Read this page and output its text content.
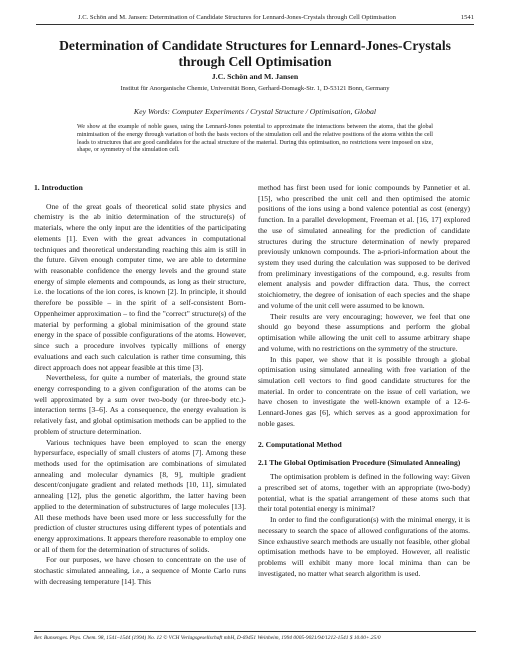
J.C. Schön and M. Jansen: Determination of Candidate Structures for Lennard-Jones-Crystals through Cell Optimisation	1541
Determination of Candidate Structures for Lennard-Jones-Crystals through Cell Optimisation
J.C. Schön and M. Jansen
Institut für Anorganische Chemie, Universität Bonn, Gerhard-Domagk-Str. 1, D-53121 Bonn, Germany
Key Words: Computer Experiments / Crystal Structure / Optimisation, Global
We show at the example of noble gases, using the Lennard-Jones potential to approximate the interactions between the atoms, that the global minimisation of the energy through variation of both the basis vectors of the simulation cell and the relative positions of the atoms within the cell leads to structures that are good candidates for the actual structure of the material. During this optimisation, no restrictions were imposed on size, shape, or symmetry of the simulation cell.
1. Introduction

One of the great goals of theoretical solid state physics and chemistry is the ab initio determination of the structure(s) of materials, where the only input are the identities of the participating elements [1]. Even with the great advances in computational techniques and theoretical understanding reaching this aim is still in the future. Given enough computer time, we are able to determine with reasonable confidence the energy levels and the ground state energy of simple elements and compounds, as long as their structure, i.e. the locations of the ion cores, is known [2]. In principle, it should therefore be possible – in the spirit of a self-consistent Born-Oppenheimer approximation – to find the "correct" structure(s) of the material by performing a global minimisation of the ground state energy in the space of possible configurations of the atoms. However, since such a procedure involves typically millions of energy evaluations and each such calculation is rather time consuming, this direct approach does not appear feasible at this time [3].

Nevertheless, for quite a number of materials, the ground state energy corresponding to a given configuration of the atoms can be well approximated by a sum over two-body (or three-body etc.)-interaction terms [3–6]. As a consequence, the energy evaluation is relatively fast, and global optimisation methods can be applied to the problem of structure determination.

Various techniques have been employed to scan the energy hypersurface, especially of small clusters of atoms [7]. Among these methods used for the optimisation are combinations of simulated annealing and molecular dynamics [8, 9], multiple gradient descent/conjugate gradient and related methods [10, 11], simulated annealing [12], plus the genetic algorithm, the latter having been applied to the determination of substructures of large molecules [13]. All these methods have been used more or less successfully for the prediction of cluster structures using different types of potentials and energy approximations. It appears therefore reasonable to employ one or all of them for the determination of structures of solids.

For our purposes, we have chosen to concentrate on the use of stochastic simulated annealing, i.e., a sequence of Monte Carlo runs with decreasing temperature [14]. This

method has first been used for ionic compounds by Pannetier et al. [15], who prescribed the unit cell and then optimised the atomic positions of the ions using a bond valence potential as cost (energy) function. In a parallel development, Freeman et al. [16, 17] explored the use of simulated annealing for the prediction of candidate structures during the structure determination of newly prepared previously unknown compounds. The a-priori-information about the system they used during the calculation was supposed to be derived from preliminary investigations of the compound, e.g. results from element analysis and powder diffraction data. Thus, the correct stoichiometry, the degree of ionisation of each species and the shape and volume of the unit cell were assumed to be known.

Their results are very encouraging; however, we feel that one should go beyond these assumptions and perform the global optimisation while allowing the unit cell to assume arbitrary shape and volume, with no restrictions on the symmetry of the structure.

In this paper, we show that it is possible through a global optimisation using simulated annealing with free variation of the simulation cell vectors to find good candidate structures for the material. In order to concentrate on the issue of cell variation, we have chosen to investigate the well-known example of a 12-6-Lennard-Jones gas [6], which serves as a good approximation for noble gases.

2. Computational Method
2.1 The Global Optimisation Procedure (Simulated Annealing)

The optimisation problem is defined in the following way: Given a prescribed set of atoms, together with an appropriate (two-body) potential, what is the spatial arrangement of these atoms such that their total potential energy is minimal?

In order to find the configuration(s) with the minimal energy, it is necessary to search the space of allowed configurations of the atoms. Since exhaustive search methods are usually not feasible, other global optimisation methods have to be employed. However, all realistic problems will exhibit many more local minima than can be investigated, no matter what search algorithm is used.

Ber. Bunsenges. Phys. Chem. 98, 1541–1544 (1994) No. 12 © VCH Verlagsgesellschaft mbH, D-69451 Weinheim, 1994 0005-9021/94/1212-1541 $ 10.00+.25/0
